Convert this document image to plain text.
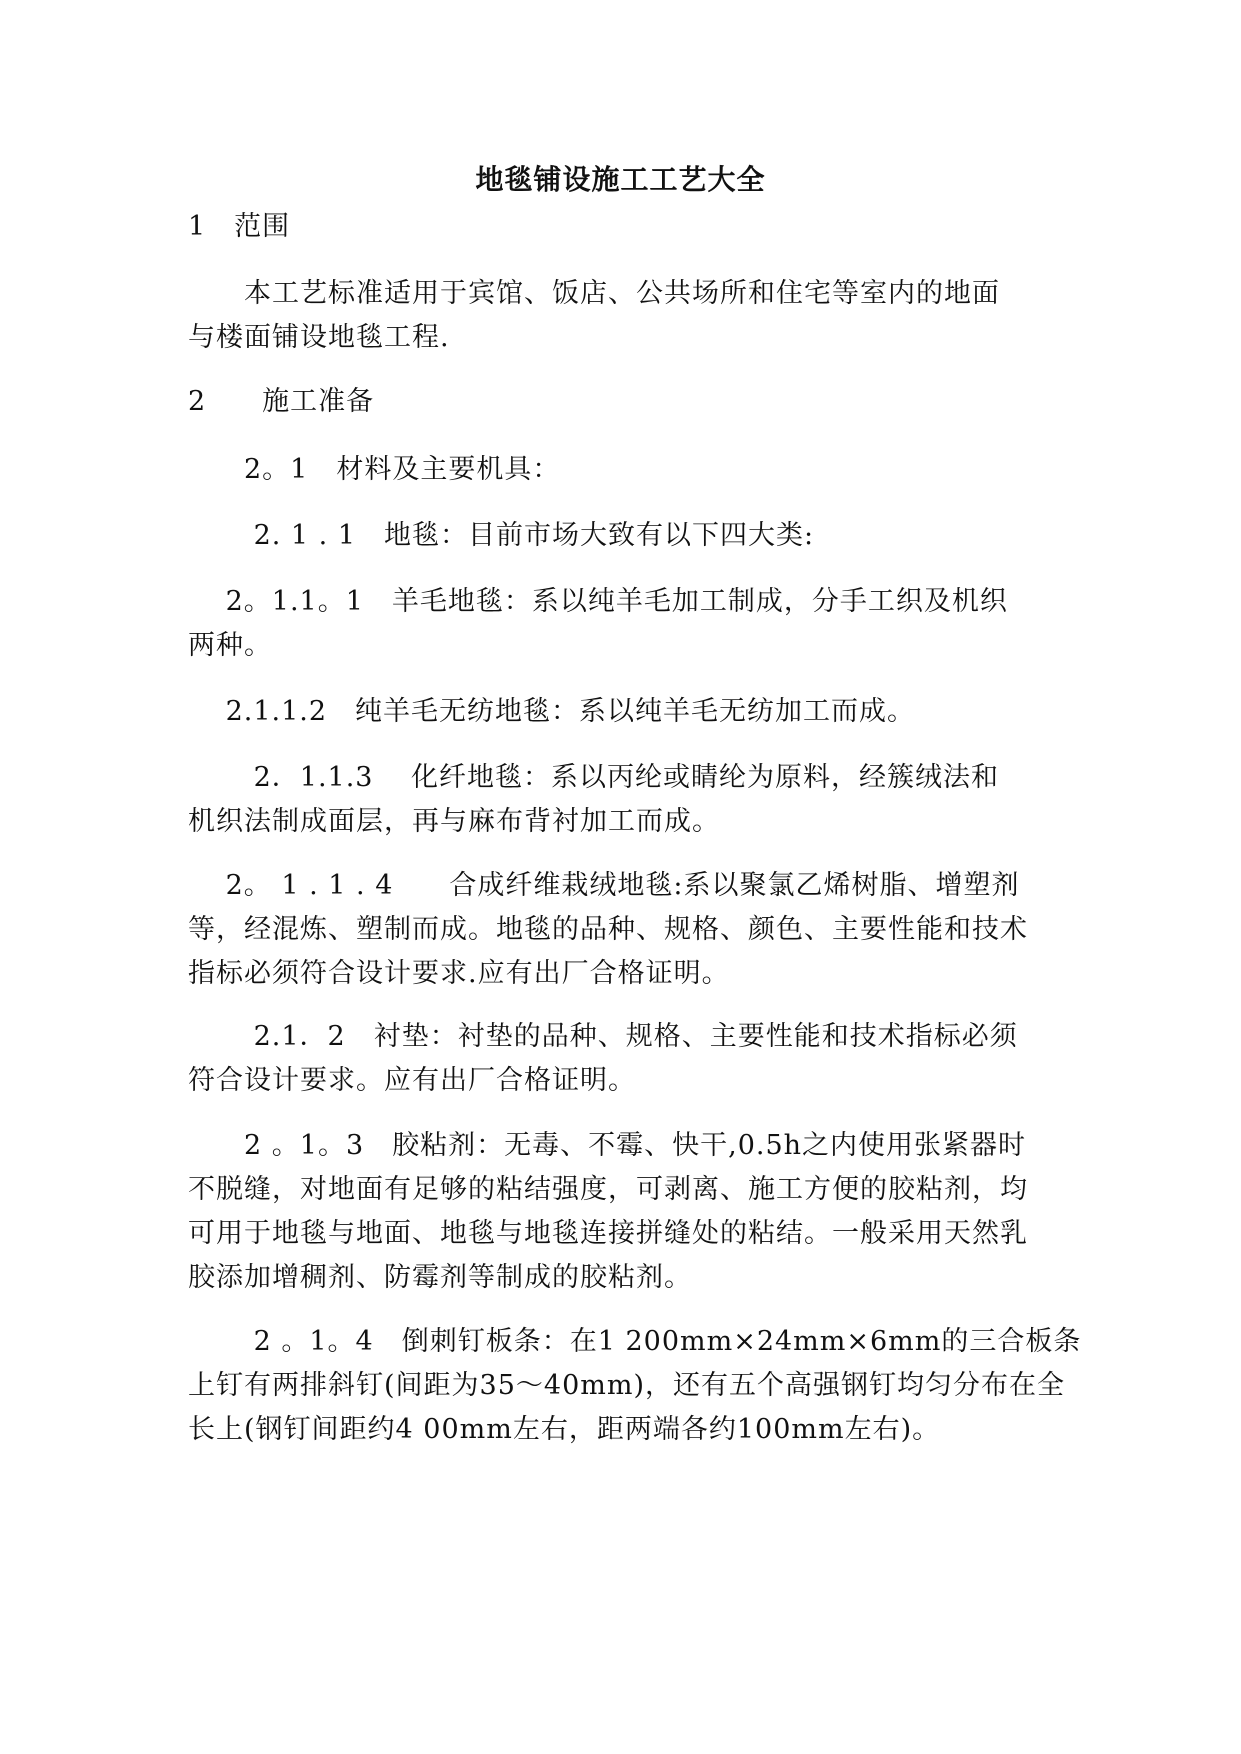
地毯铺设施工工艺大全
1　范围
　　本工艺标准适用于宾馆、饭店、公共场所和住宅等室内的地面
与楼面铺设地毯工程.
2　　施工准备
　　2。1　材料及主要机具：
　　 2. 1 . 1　地毯：目前市场大致有以下四大类:
　 2。1.1。1　羊毛地毯：系以纯羊毛加工制成，分手工织及机织
两种。
　 2.1.1.2　纯羊毛无纺地毯：系以纯羊毛无纺加工而成。
　　 2．1.1.3　 化纤地毯：系以丙纶或睛纶为原料，经簇绒法和
机织法制成面层，再与麻布背衬加工而成。
　 2。 1 . 1 . 4　　合成纤维栽绒地毯:系以聚氯乙烯树脂、增塑剂
等，经混炼、塑制而成。地毯的品种、规格、颜色、主要性能和技术
指标必须符合设计要求.应有出厂合格证明。
　　 2.1．2　衬垫：衬垫的品种、规格、主要性能和技术指标必须
符合设计要求。应有出厂合格证明。
　　2 。1。3　胶粘剂：无毒、不霉、快干,0.5h之内使用张紧器时
不脱缝，对地面有足够的粘结强度，可剥离、施工方便的胶粘剂，均
可用于地毯与地面、地毯与地毯连接拼缝处的粘结。一般采用天然乳
胶添加增稠剂、防霉剂等制成的胶粘剂。
　　 2 。1。4　倒刺钉板条：在1 200mm×24mm×6mm的三合板条
上钉有两排斜钉(间距为35～40mm)，还有五个高强钢钉均匀分布在全
长上(钢钉间距约4 00mm左右，距两端各约100mm左右)。
